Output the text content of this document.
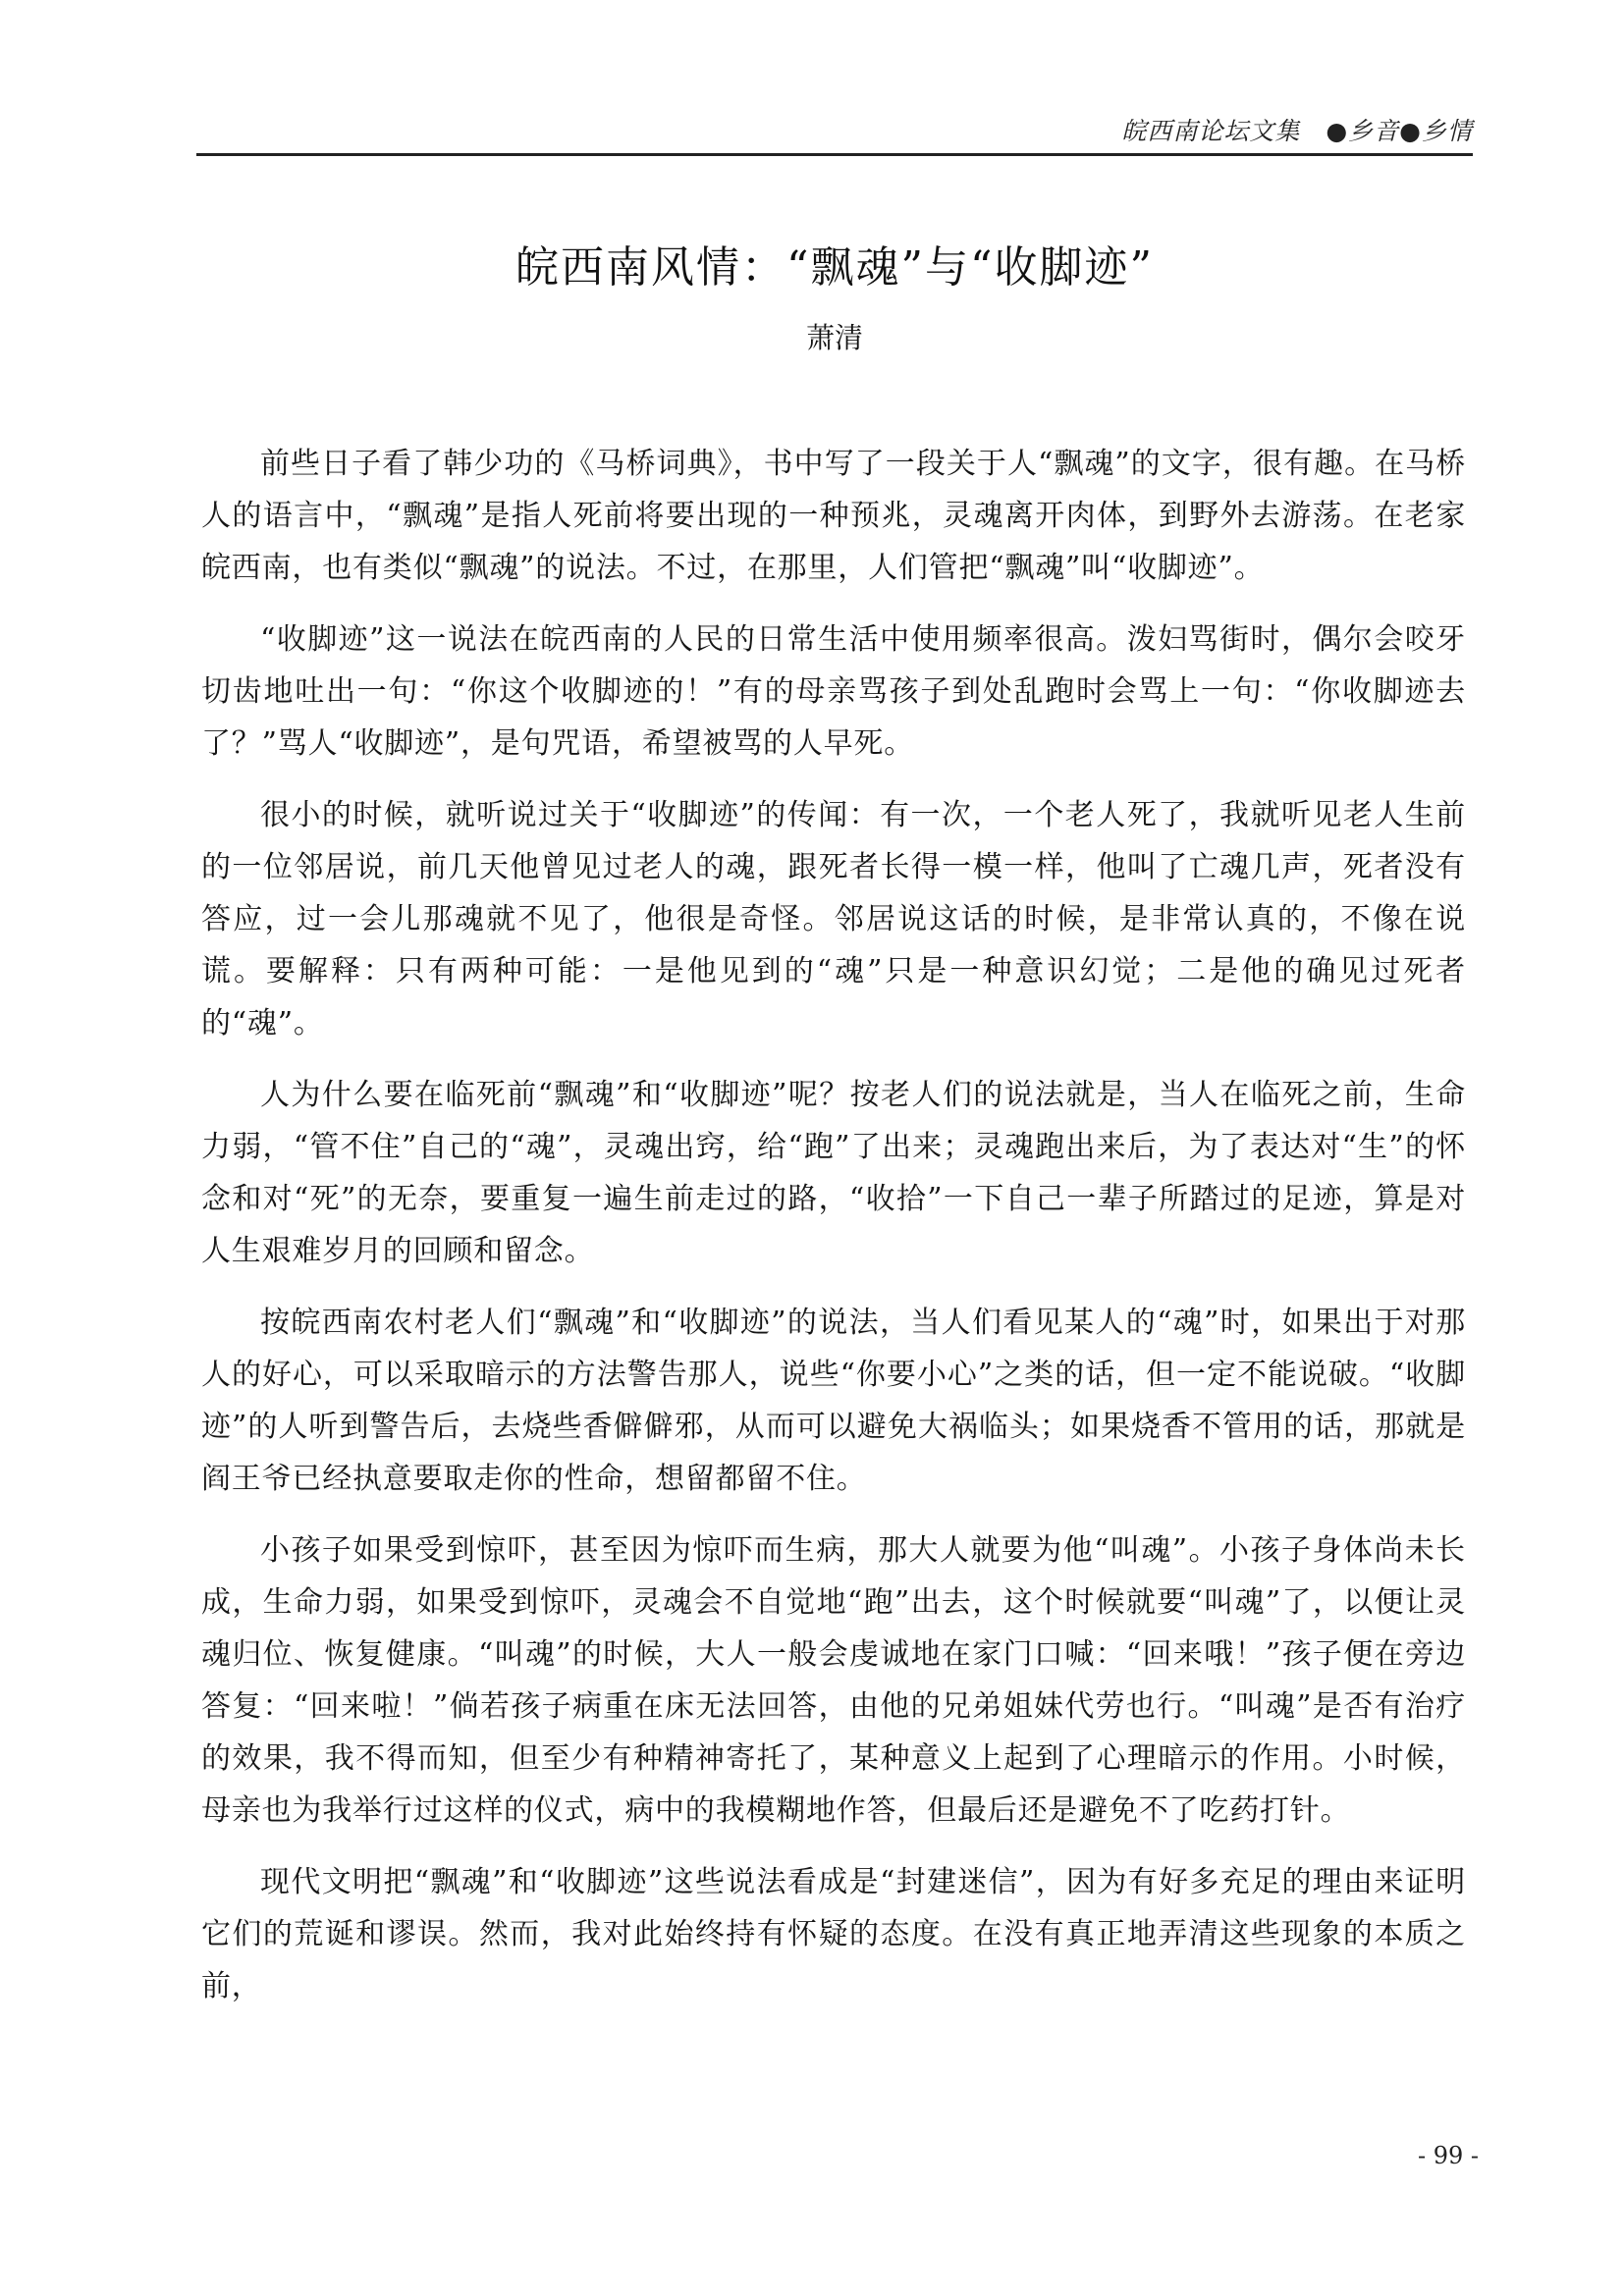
皖西南论坛文集　●乡音●乡情
皖西南风情：“飘魂”与“收脚迹”
萧清

前些日子看了韩少功的《马桥词典》，书中写了一段关于人“飘魂”的文字，很有趣。在马桥人的语言中，“飘魂”是指人死前将要出现的一种预兆，灵魂离开肉体，到野外去游荡。在老家皖西南，也有类似“飘魂”的说法。不过，在那里，人们管把“飘魂”叫“收脚迹”。

“收脚迹”这一说法在皖西南的人民的日常生活中使用频率很高。泼妇骂街时，偶尔会咬牙切齿地吐出一句：“你这个收脚迹的！”有的母亲骂孩子到处乱跑时会骂上一句：“你收脚迹去了？”骂人“收脚迹”，是句咒语，希望被骂的人早死。

很小的时候，就听说过关于“收脚迹”的传闻：有一次，一个老人死了，我就听见老人生前的一位邻居说，前几天他曾见过老人的魂，跟死者长得一模一样，他叫了亡魂几声，死者没有答应，过一会儿那魂就不见了，他很是奇怪。邻居说这话的时候，是非常认真的，不像在说谎。要解释：只有两种可能：一是他见到的“魂”只是一种意识幻觉；二是他的确见过死者的“魂”。

人为什么要在临死前“飘魂”和“收脚迹”呢？按老人们的说法就是，当人在临死之前，生命力弱，“管不住”自己的“魂”，灵魂出窍，给“跑”了出来；灵魂跑出来后，为了表达对“生”的怀念和对“死”的无奈，要重复一遍生前走过的路，“收拾”一下自己一辈子所踏过的足迹，算是对人生艰难岁月的回顾和留念。

按皖西南农村老人们“飘魂”和“收脚迹”的说法，当人们看见某人的“魂”时，如果出于对那人的好心，可以采取暗示的方法警告那人，说些“你要小心”之类的话，但一定不能说破。“收脚迹”的人听到警告后，去烧些香僻僻邪，从而可以避免大祸临头；如果烧香不管用的话，那就是阎王爷已经执意要取走你的性命，想留都留不住。

小孩子如果受到惊吓，甚至因为惊吓而生病，那大人就要为他“叫魂”。小孩子身体尚未长成，生命力弱，如果受到惊吓，灵魂会不自觉地“跑”出去，这个时候就要“叫魂”了，以便让灵魂归位、恢复健康。“叫魂”的时候，大人一般会虔诚地在家门口喊：“回来哦！”孩子便在旁边答复：“回来啦！”倘若孩子病重在床无法回答，由他的兄弟姐妹代劳也行。“叫魂”是否有治疗的效果，我不得而知，但至少有种精神寄托了，某种意义上起到了心理暗示的作用。小时候，母亲也为我举行过这样的仪式，病中的我模糊地作答，但最后还是避免不了吃药打针。

现代文明把“飘魂”和“收脚迹”这些说法看成是“封建迷信”，因为有好多充足的理由来证明它们的荒诞和谬误。然而，我对此始终持有怀疑的态度。在没有真正地弄清这些现象的本质之前，

- 99 -
